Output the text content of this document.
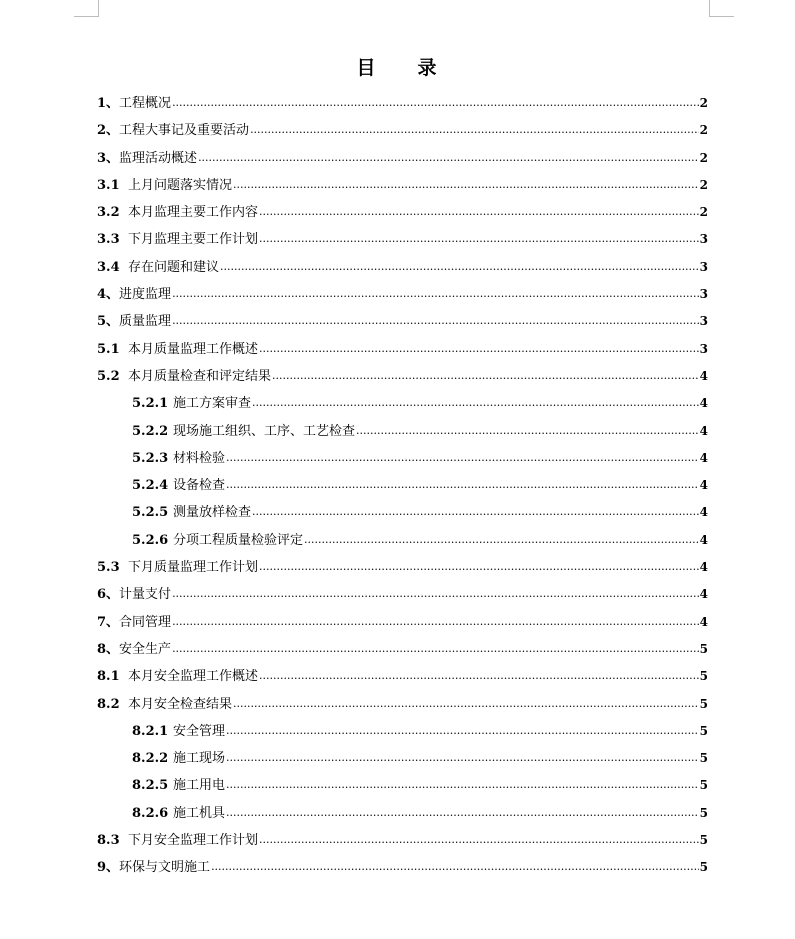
目 录
1、 工程概况 .....	2
2、 工程大事记及重要活动 .....	2
3、 监理活动概述 .....	2
3.1 上月问题落实情况 .....	2
3.2 本月监理主要工作内容 .....	2
3.3 下月监理主要工作计划 .....	3
3.4 存在问题和建议 .....	3
4、 进度监理 .....	3
5、 质量监理 .....	3
5.1 本月质量监理工作概述 .....	3
5.2 本月质量检查和评定结果 .....	4
5.2.1 施工方案审查 .....	4
5.2.2 现场施工组织、工序、工艺检查 .....	4
5.2.3 材料检验 .....	4
5.2.4 设备检查 .....	4
5.2.5 测量放样检查 .....	4
5.2.6 分项工程质量检验评定 .....	4
5.3 下月质量监理工作计划 .....	4
6、 计量支付 .....	4
7、 合同管理 .....	4
8、 安全生产 .....	5
8.1 本月安全监理工作概述 .....	5
8.2 本月安全检查结果 .....	5
8.2.1 安全管理 .....	5
8.2.2 施工现场 .....	5
8.2.5 施工用电 .....	5
8.2.6 施工机具 .....	5
8.3 下月安全监理工作计划 .....	5
9、 环保与文明施工 .....	5
